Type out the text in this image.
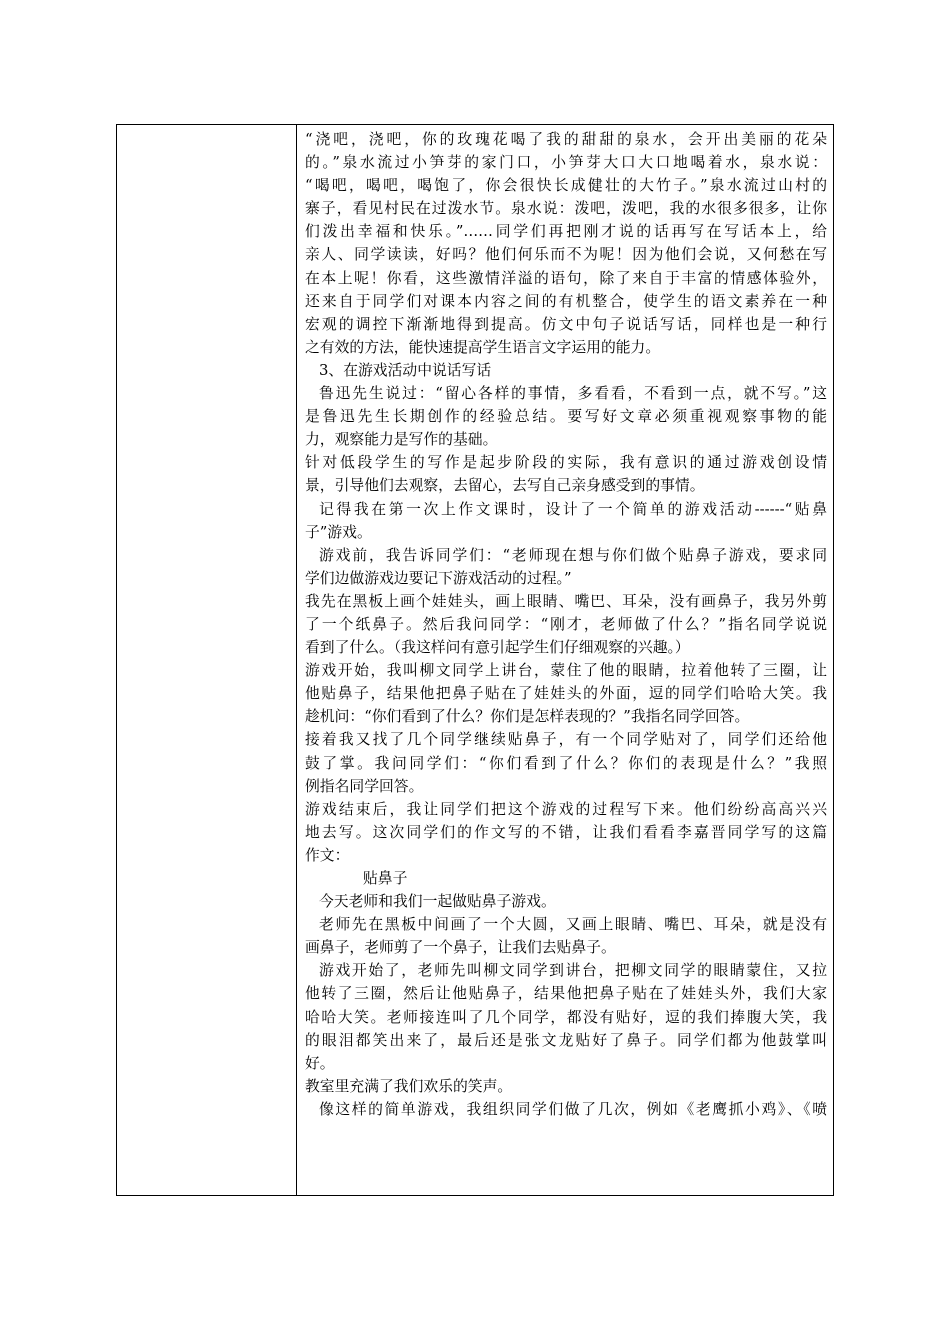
“浇吧，浇吧，你的玫瑰花喝了我的甜甜的泉水，会开出美丽的花朵
的。”泉水流过小笋芽的家门口，小笋芽大口大口地喝着水，泉水说：
“喝吧，喝吧，喝饱了，你会很快长成健壮的大竹子。”泉水流过山村的
寨子，看见村民在过泼水节。泉水说：泼吧，泼吧，我的水很多很多，让你
们泼出幸福和快乐。”……同学们再把刚才说的话再写在写话本上，给
亲人、同学读读，好吗？他们何乐而不为呢！因为他们会说，又何愁在写
在本上呢！你看，这些激情洋溢的语句，除了来自于丰富的情感体验外，
还来自于同学们对课本内容之间的有机整合，使学生的语文素养在一种
宏观的调控下渐渐地得到提高。仿文中句子说话写话，同样也是一种行
之有效的方法，能快速提高学生语言文字运用的能力。
3、在游戏活动中说话写话
鲁迅先生说过：“留心各样的事情，多看看，不看到一点，就不写。”这
是鲁迅先生长期创作的经验总结。要写好文章必须重视观察事物的能
力，观察能力是写作的基础。
针对低段学生的写作是起步阶段的实际，我有意识的通过游戏创设情
景，引导他们去观察，去留心，去写自己亲身感受到的事情。
记得我在第一次上作文课时，设计了一个简单的游戏活动------“贴鼻
子”游戏。
游戏前，我告诉同学们：“老师现在想与你们做个贴鼻子游戏，要求同
学们边做游戏边要记下游戏活动的过程。”
我先在黑板上画个娃娃头，画上眼睛、嘴巴、耳朵，没有画鼻子，我另外剪
了一个纸鼻子。然后我问同学：“刚才，老师做了什么？”指名同学说说
看到了什么。（我这样问有意引起学生们仔细观察的兴趣。）
游戏开始，我叫柳文同学上讲台，蒙住了他的眼睛，拉着他转了三圈，让
他贴鼻子，结果他把鼻子贴在了娃娃头的外面，逗的同学们哈哈大笑。我
趁机问：“你们看到了什么？你们是怎样表现的？”我指名同学回答。
接着我又找了几个同学继续贴鼻子，有一个同学贴对了，同学们还给他
鼓了掌。我问同学们：“你们看到了什么？你们的表现是什么？”我照
例指名同学回答。
游戏结束后，我让同学们把这个游戏的过程写下来。他们纷纷高高兴兴
地去写。这次同学们的作文写的不错，让我们看看李嘉晋同学写的这篇
作文：
贴鼻子
今天老师和我们一起做贴鼻子游戏。
老师先在黑板中间画了一个大圆，又画上眼睛、嘴巴、耳朵，就是没有
画鼻子，老师剪了一个鼻子，让我们去贴鼻子。
游戏开始了，老师先叫柳文同学到讲台，把柳文同学的眼睛蒙住，又拉
他转了三圈，然后让他贴鼻子，结果他把鼻子贴在了娃娃头外，我们大家
哈哈大笑。老师接连叫了几个同学，都没有贴好，逗的我们捧腹大笑，我
的眼泪都笑出来了，最后还是张文龙贴好了鼻子。同学们都为他鼓掌叫
好。
教室里充满了我们欢乐的笑声。
像这样的简单游戏，我组织同学们做了几次，例如《老鹰抓小鸡》、《喷
